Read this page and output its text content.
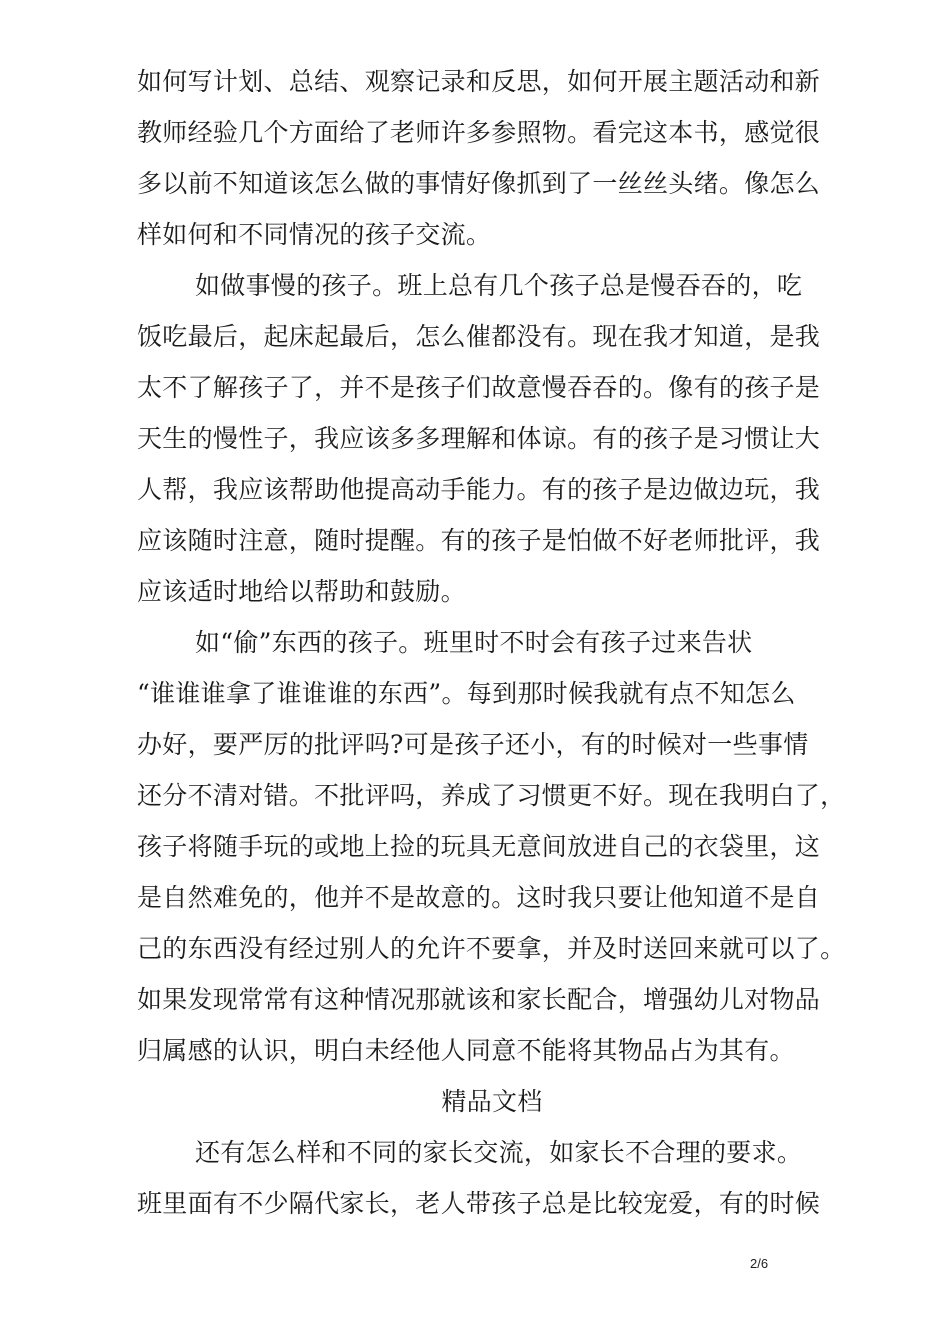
如何写计划、总结、观察记录和反思，如何开展主题活动和新
教师经验几个方面给了老师许多参照物。看完这本书，感觉很
多以前不知道该怎么做的事情好像抓到了一丝丝头绪。像怎么
样如何和不同情况的孩子交流。
如做事慢的孩子。班上总有几个孩子总是慢吞吞的，吃
饭吃最后，起床起最后，怎么催都没有。现在我才知道，是我
太不了解孩子了，并不是孩子们故意慢吞吞的。像有的孩子是
天生的慢性子，我应该多多理解和体谅。有的孩子是习惯让大
人帮，我应该帮助他提高动手能力。有的孩子是边做边玩，我
应该随时注意，随时提醒。有的孩子是怕做不好老师批评，我
应该适时地给以帮助和鼓励。
如“偷”东西的孩子。班里时不时会有孩子过来告状
“谁谁谁拿了谁谁谁的东西”。每到那时候我就有点不知怎么
办好，要严厉的批评吗?可是孩子还小，有的时候对一些事情
还分不清对错。不批评吗，养成了习惯更不好。现在我明白了，
孩子将随手玩的或地上捡的玩具无意间放进自己的衣袋里，这
是自然难免的，他并不是故意的。这时我只要让他知道不是自
己的东西没有经过别人的允许不要拿，并及时送回来就可以了。
如果发现常常有这种情况那就该和家长配合，增强幼儿对物品
归属感的认识，明白未经他人同意不能将其物品占为其有。
精品文档
还有怎么样和不同的家长交流，如家长不合理的要求。
班里面有不少隔代家长，老人带孩子总是比较宠爱，有的时候
2/6
